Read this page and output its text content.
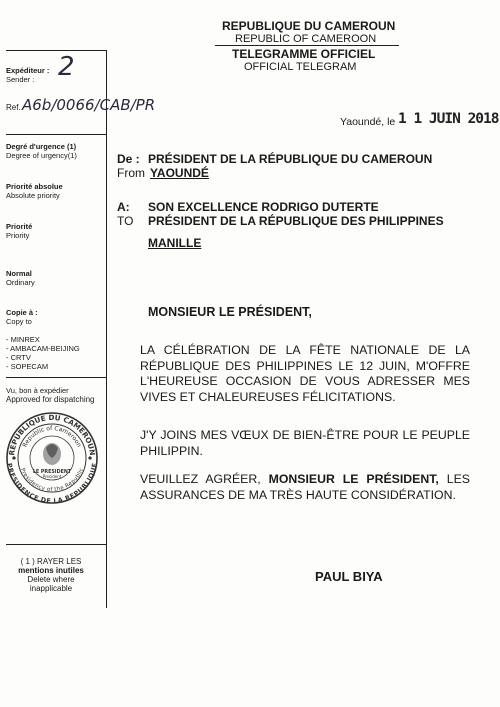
REPUBLIQUE DU CAMEROUN
REPUBLIC OF CAMEROON
TELEGRAMME OFFICIEL
OFFICIAL TELEGRAM
Expéditeur :
Sender : 2
Ref. A6b/0066/CAB/PR
Degré d'urgence (1)
Degree of urgency(1)
Priorité absolue
Absolute priority
Priorité
Priority
Normal
Ordinary
Copie à :
Copy to
- MINREX
- AMBACAM-BEIJING
- CRTV
- SOPECAM
Vu, bon à expédier
Approved for dispatching
REPUBLIQUE DU CAMEROUN
Republic of Cameroon
PRESIDENCE DE LA REPUBLIQUE
Presidency of the Republic
LE PRESIDENT
President
( 1 ) RAYER LES
mentions inutiles
Delete where
inapplicable
Yaoundé, le 1 1 JUIN 2018
De :
From
PRÉSIDENT DE LA RÉPUBLIQUE DU CAMEROUN
YAOUNDÉ
A:
TO
SON EXCELLENCE RODRIGO DUTERTE
PRÉSIDENT DE LA RÉPUBLIQUE DES PHILIPPINES
MANILLE
MONSIEUR LE PRÉSIDENT,
LA CÉLÉBRATION DE LA FÊTE NATIONALE DE LA RÉPUBLIQUE DES PHILIPPINES LE 12 JUIN, M'OFFRE L'HEUREUSE OCCASION DE VOUS ADRESSER MES VIVES ET CHALEUREUSES FÉLICITATIONS.
J'Y JOINS MES VŒUX DE BIEN-ÊTRE POUR LE PEUPLE PHILIPPIN.
VEUILLEZ AGRÉER, MONSIEUR LE PRÉSIDENT, LES ASSURANCES DE MA TRÈS HAUTE CONSIDÉRATION.
PAUL BIYA
